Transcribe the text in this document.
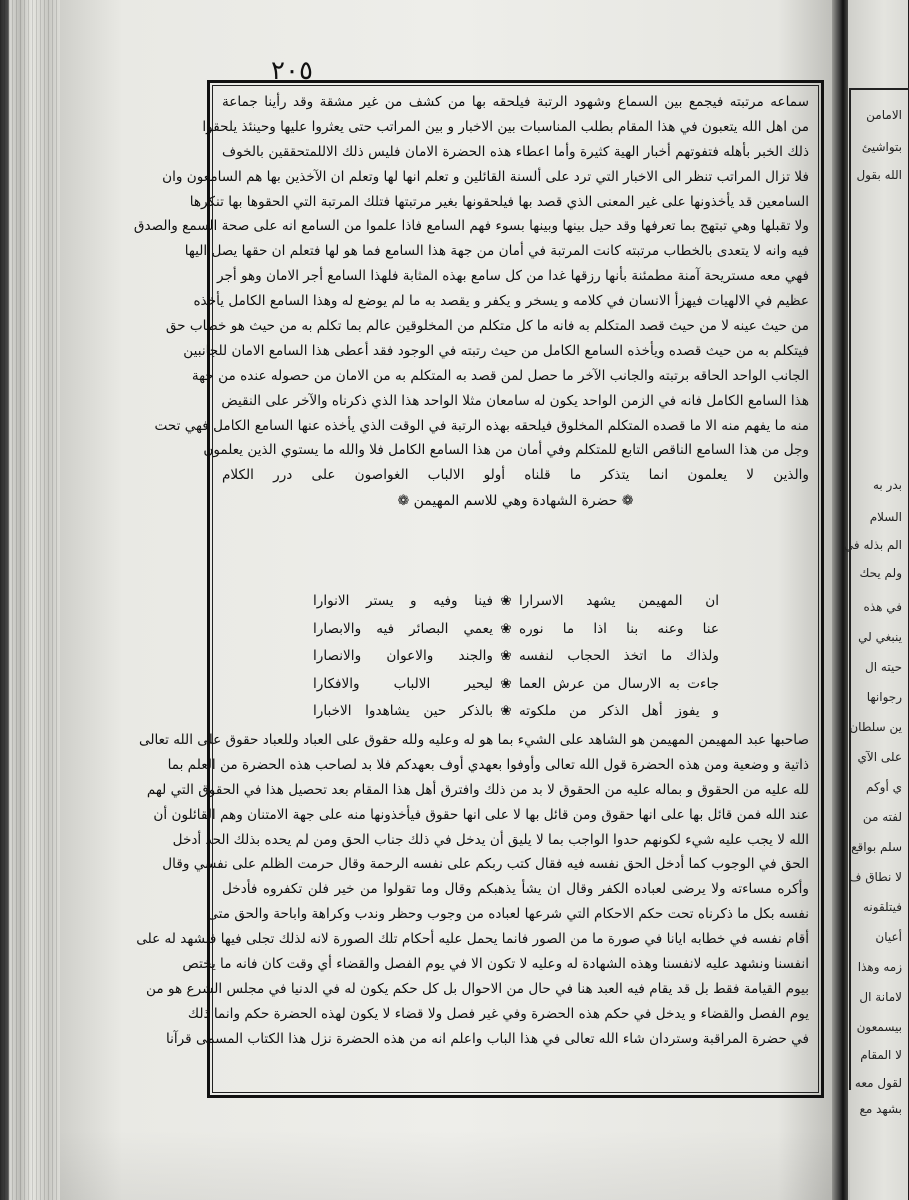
٢٠٥
سماعه مرتبته فيجمع بين السماع وشهود الرتبة فيلحقه بها من كشف من غير مشقة وقد رأينا جماعة
من اهل الله يتعبون في هذا المقام بطلب المناسبات بين الاخبار و بين المراتب حتى يعثروا عليها وحينئذ يلحقوا
ذلك الخبر بأهله فتفوتهم أخبار الهية كثيرة وأما اعطاء هذه الحضرة الامان فليس ذلك الاللمتحققين بالخوف
فلا تزال المراتب تنظر الى الاخبار التي ترد على ألسنة القائلين و تعلم انها لها وتعلم ان الآخذين بها هم السامعون وان
السامعين قد يأخذونها على غير المعنى الذي قصد بها فيلحقونها بغير مرتبتها فتلك المرتبة التي الحقوها بها تنكرها
ولا تقبلها وهي تبتهج بما تعرفها وقد حيل بينها وبينها بسوء فهم السامع فاذا علموا من السامع انه على صحة السمع والصدق
فيه وانه لا يتعدى بالخطاب مرتبته كانت المرتبة في أمان من جهة هذا السامع فما هو لها فتعلم ان حقها يصل اليها
فهي معه مستريحة آمنة مطمئنة بأنها رزقها غدا من كل سامع بهذه المثابة فلهذا السامع أجر الامان وهو أجر
عظيم في الالهيات فيهزأ الانسان في كلامه و يسخر و يكفر و يقصد به ما لم يوضع له وهذا السامع الكامل يأخذه
من حيث عينه لا من حيث قصد المتكلم به فانه ما كل متكلم من المخلوقين عالم بما تكلم به من حيث هو خطاب حق
فيتكلم به من حيث قصده ويأخذه السامع الكامل من حيث رتبته في الوجود فقد أعطى هذا السامع الامان للجانبين
الجانب الواحد الحاقه برتبته والجانب الآخر ما حصل لمن قصد به المتكلم به من الامان من حصوله عنده من جهة
هذا السامع الكامل فانه في الزمن الواحد يكون له سامعان مثلا الواحد هذا الذي ذكرناه والآخر على النقيض
منه ما يفهم منه الا ما قصده المتكلم المخلوق فيلحقه بهذه الرتبة في الوقت الذي يأخذه عنها السامع الكامل فهي تحت
وجل من هذا السامع الناقص التابع للمتكلم وفي أمان من هذا السامع الكامل فلا والله ما يستوي الذين يعلمون
والذين لا يعلمون انما يتذكر ما قلناه أولو الالباب الغواصون على درر الكلام
❁ حضرة الشهادة وهي للاسم المهيمن ❁
ان المهيمن يشهد الاسرارا
❀
فينا وفيه و يستر الانوارا
عنا وعنه بنا اذا ما نوره
❀
يعمي البصائر فيه والابصارا
ولذاك ما اتخذ الحجاب لنفسه
❀
والجند والاعوان والانصارا
جاءت به الارسال من عرش العما
❀
ليحير الالباب والافكارا
و يفوز أهل الذكر من ملكوته
❀
بالذكر حين يشاهدوا الاخبارا
صاحبها عبد المهيمن المهيمن هو الشاهد على الشيء بما هو له وعليه ولله حقوق على العباد وللعباد حقوق على الله تعالى
ذاتية و وضعية ومن هذه الحضرة قول الله تعالى وأوفوا بعهدي أوف بعهدكم فلا بد لصاحب هذه الحضرة من العلم بما
لله عليه من الحقوق و بماله عليه من الحقوق لا بد من ذلك وافترق أهل هذا المقام بعد تحصيل هذا في الحقوق التي لهم
عند الله فمن قائل بها على انها حقوق ومن قائل بها لا على انها حقوق فيأخذونها منه على جهة الامتنان وهم القائلون أن
الله لا يجب عليه شيء لكونهم حدوا الواجب بما لا يليق أن يدخل في ذلك جناب الحق ومن لم يحده بذلك الحد أدخل
الحق في الوجوب كما أدخل الحق نفسه فيه فقال كتب ربكم على نفسه الرحمة وقال حرمت الظلم على نفسي وقال
وأكره مساءته ولا يرضى لعباده الكفر وقال ان يشأ يذهبكم وقال وما تقولوا من خير فلن تكفروه فأدخل
نفسه بكل ما ذكرناه تحت حكم الاحكام التي شرعها لعباده من وجوب وحظر وندب وكراهة واباحة والحق متى
أقام نفسه في خطابه ايانا في صورة ما من الصور فانما يحمل عليه أحكام تلك الصورة لانه لذلك تجلى فيها فنشهد له على
انفسنا ونشهد عليه لانفسنا وهذه الشهادة له وعليه لا تكون الا في يوم الفصل والقضاء أي وقت كان فانه ما يختص
بيوم القيامة فقط بل قد يقام فيه العبد هنا في حال من الاحوال بل كل حكم يكون له في الدنيا في مجلس الشرع هو من
يوم الفصل والقضاء و يدخل في حكم هذه الحضرة وفي غير فصل ولا قضاء لا يكون لهذه الحضرة حكم وانما ذلك
في حضرة المراقبة وستردان شاء الله تعالى في هذا الباب واعلم انه من هذه الحضرة نزل هذا الكتاب المسمى قرآنا
الامامن
بتواشيئ
الله بقول
بدر به
السلام
الم بذله في
ولم يحك
في هذه
ينبغي لي
حيته ال
رجوانها
ين سلطان
على الآي
ي أوكم
لفته من
سلم بواقع
لا نطاق ف
فيتلقونه
أعيان
زمه وهذا
لامانة ال
بيسمعون
لا المقام
لقول معه
بشهد مع
